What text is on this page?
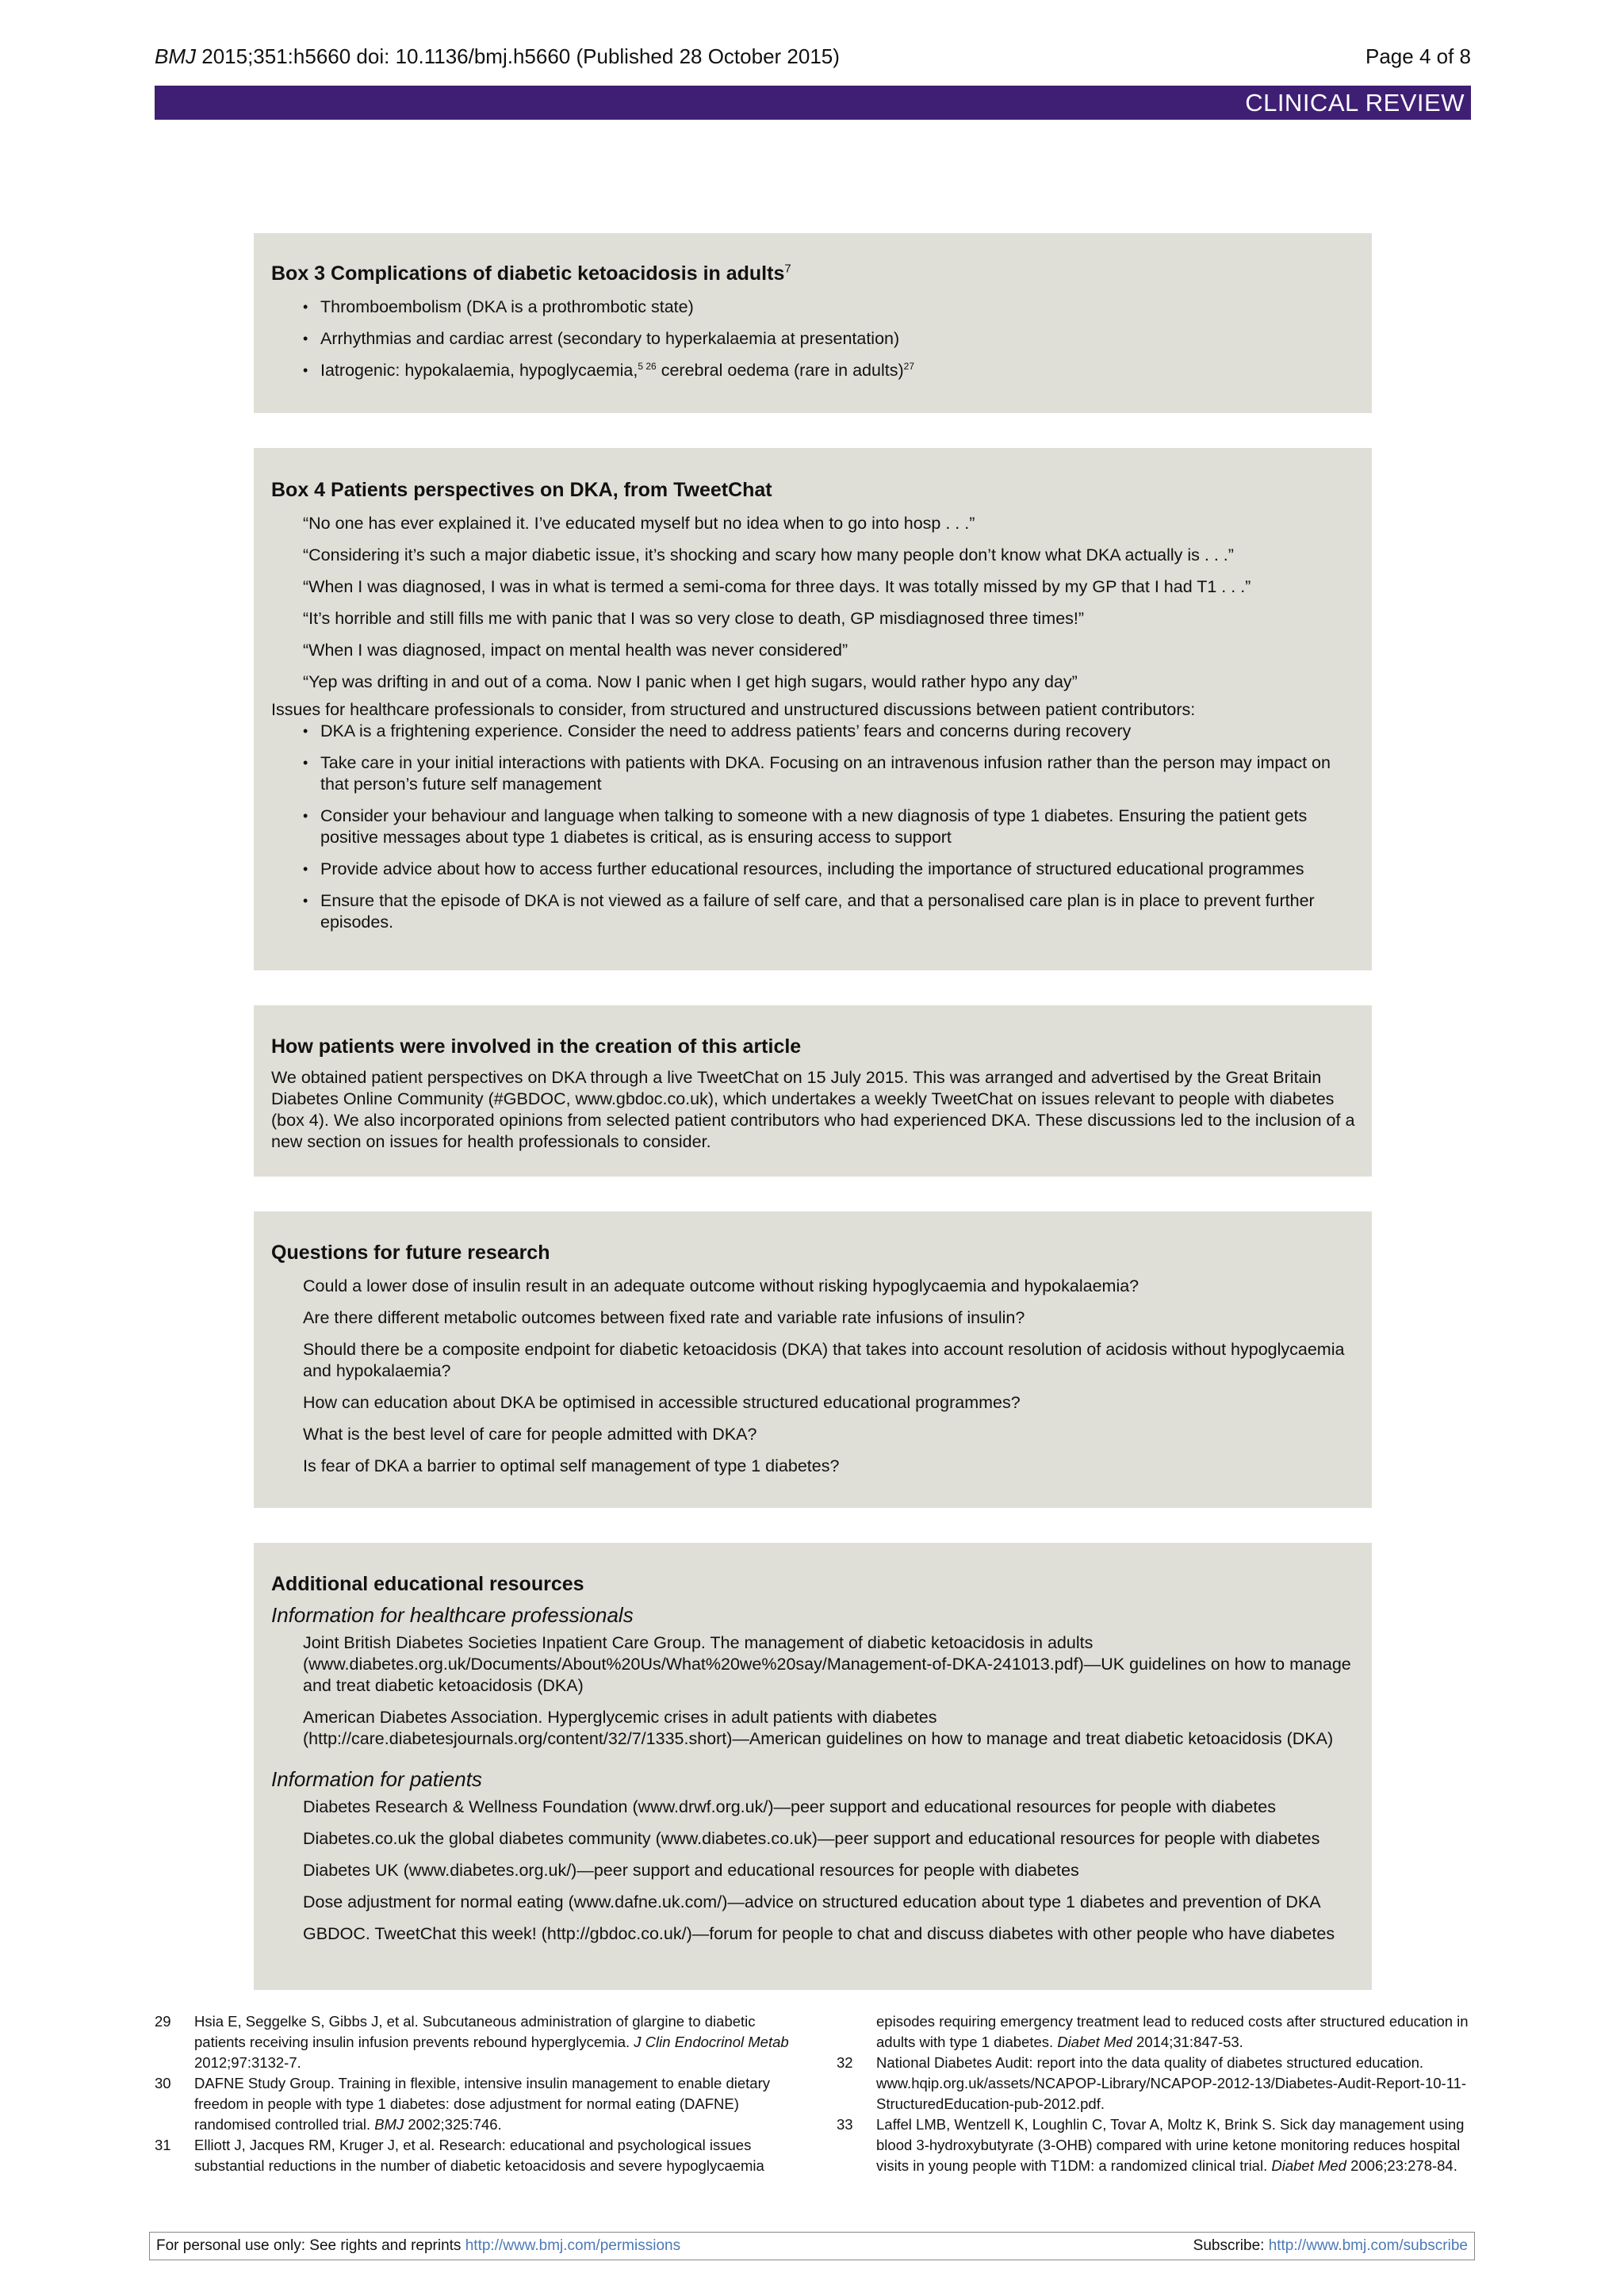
BMJ 2015;351:h5660 doi: 10.1136/bmj.h5660 (Published 28 October 2015)	Page 4 of 8
CLINICAL REVIEW
Box 3 Complications of diabetic ketoacidosis in adults$^7$
• Thromboembolism (DKA is a prothrombotic state)
• Arrhythmias and cardiac arrest (secondary to hyperkalaemia at presentation)
• Iatrogenic: hypokalaemia, hypoglycaemia,$^{5 26}$ cerebral oedema (rare in adults)$^{27}$
Box 4 Patients perspectives on DKA, from TweetChat

“No one has ever explained it. I’ve educated myself but no idea when to go into hosp . . .”

“Considering it’s such a major diabetic issue, it’s shocking and scary how many people don’t know what DKA actually is . . .”

“When I was diagnosed, I was in what is termed a semi-coma for three days. It was totally missed by my GP that I had T1 . . .”

“It’s horrible and still fills me with panic that I was so very close to death, GP misdiagnosed three times!”

“When I was diagnosed, impact on mental health was never considered”

“Yep was drifting in and out of a coma. Now I panic when I get high sugars, would rather hypo any day”

Issues for healthcare professionals to consider, from structured and unstructured discussions between patient contributors:

• DKA is a frightening experience. Consider the need to address patients’ fears and concerns during recovery
• Take care in your initial interactions with patients with DKA. Focusing on an intravenous infusion rather than the person may impact on that person’s future self management
• Consider your behaviour and language when talking to someone with a new diagnosis of type 1 diabetes. Ensuring the patient gets positive messages about type 1 diabetes is critical, as is ensuring access to support
• Provide advice about how to access further educational resources, including the importance of structured educational programmes
• Ensure that the episode of DKA is not viewed as a failure of self care, and that a personalised care plan is in place to prevent further episodes.
How patients were involved in the creation of this article

We obtained patient perspectives on DKA through a live TweetChat on 15 July 2015. This was arranged and advertised by the Great Britain Diabetes Online Community (#GBDOC, www.gbdoc.co.uk), which undertakes a weekly TweetChat on issues relevant to people with diabetes (box 4). We also incorporated opinions from selected patient contributors who had experienced DKA. These discussions led to the inclusion of a new section on issues for health professionals to consider.

Questions for future research

Could a lower dose of insulin result in an adequate outcome without risking hypoglycaemia and hypokalaemia?

Are there different metabolic outcomes between fixed rate and variable rate infusions of insulin?

Should there be a composite endpoint for diabetic ketoacidosis (DKA) that takes into account resolution of acidosis without hypoglycaemia and hypokalaemia?

How can education about DKA be optimised in accessible structured educational programmes?

What is the best level of care for people admitted with DKA?

Is fear of DKA a barrier to optimal self management of type 1 diabetes?

Additional educational resources

Information for healthcare professionals

Joint British Diabetes Societies Inpatient Care Group. The management of diabetic ketoacidosis in adults (www.diabetes.org.uk/Documents/About%20Us/What%20we%20say/Management-of-DKA-241013.pdf)—UK guidelines on how to manage and treat diabetic ketoacidosis (DKA)

American Diabetes Association. Hyperglycemic crises in adult patients with diabetes (http://care.diabetesjournals.org/content/32/7/1335.short)—American guidelines on how to manage and treat diabetic ketoacidosis (DKA)

Information for patients

Diabetes Research & Wellness Foundation (www.drwf.org.uk/)—peer support and educational resources for people with diabetes

Diabetes.co.uk the global diabetes community (www.diabetes.co.uk)—peer support and educational resources for people with diabetes

Diabetes UK (www.diabetes.org.uk/)—peer support and educational resources for people with diabetes

Dose adjustment for normal eating (www.dafne.uk.com/)—advice on structured education about type 1 diabetes and prevention of DKA

GBDOC. TweetChat this week! (http://gbdoc.co.uk/)—forum for people to chat and discuss diabetes with other people who have diabetes

29 Hsia E, Seggelke S, Gibbs J, et al. Subcutaneous administration of glargine to diabetic patients receiving insulin infusion prevents rebound hyperglycemia. J Clin Endocrinol Metab 2012;97:3132-7.
30 DAFNE Study Group. Training in flexible, intensive insulin management to enable dietary freedom in people with type 1 diabetes: dose adjustment for normal eating (DAFNE) randomised controlled trial. BMJ 2002;325:746.
31 Elliott J, Jacques RM, Kruger J, et al. Research: educational and psychological issues substantial reductions in the number of diabetic ketoacidosis and severe hypoglycaemia
episodes requiring emergency treatment lead to reduced costs after structured education in adults with type 1 diabetes. Diabet Med 2014;31:847-53.
32 National Diabetes Audit: report into the data quality of diabetes structured education. www.hqip.org.uk/assets/NCAPOP-Library/NCAPOP-2012-13/Diabetes-Audit-Report-10-11-StructuredEducation-pub-2012.pdf.
33 Laffel LMB, Wentzell K, Loughlin C, Tovar A, Moltz K, Brink S. Sick day management using blood 3-hydroxybutyrate (3-OHB) compared with urine ketone monitoring reduces hospital visits in young people with T1DM: a randomized clinical trial. Diabet Med 2006;23:278-84.
For personal use only: See rights and reprints http://www.bmj.com/permissions	Subscribe: http://www.bmj.com/subscribe
